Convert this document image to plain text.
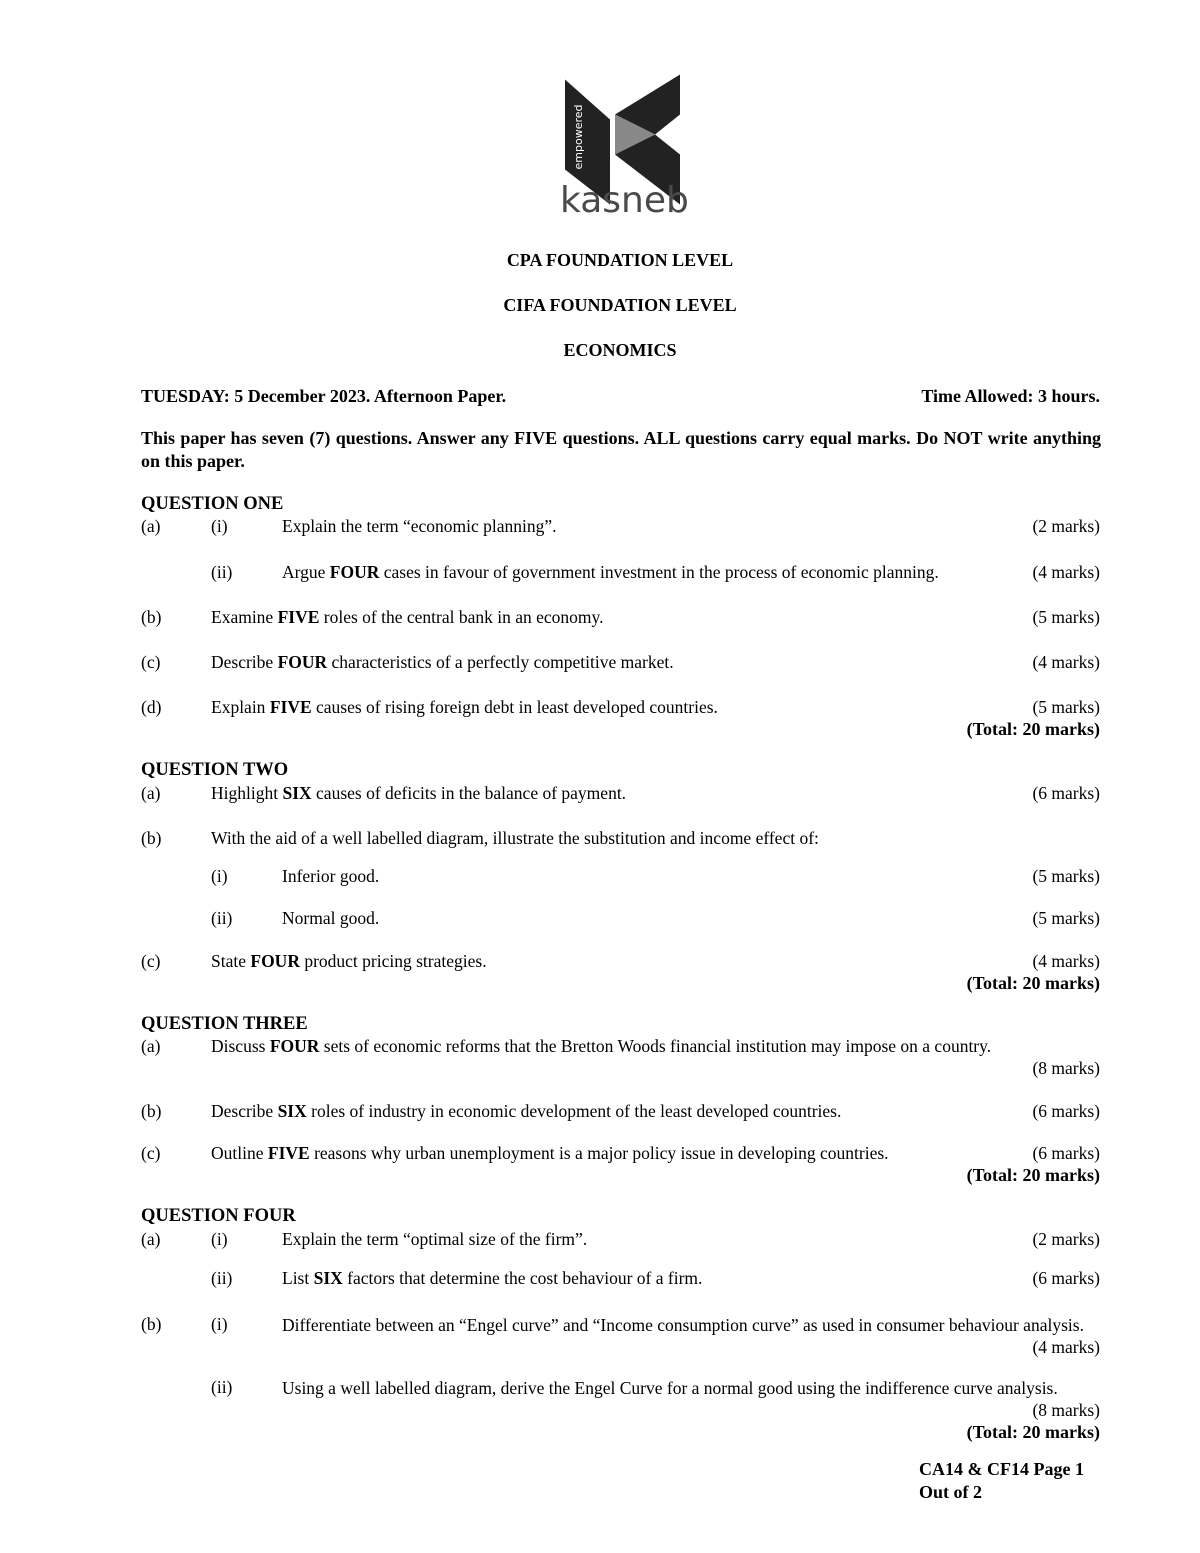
empowered
kasneb
CPA FOUNDATION LEVEL
CIFA FOUNDATION LEVEL
ECONOMICS
TUESDAY: 5 December 2023. Afternoon Paper.	Time Allowed: 3 hours.
This paper has seven (7) questions. Answer any FIVE questions. ALL questions carry equal marks. Do NOT write anything on this paper.
QUESTION ONE
(a)	(i)	Explain the term “economic planning”.	(2 marks)
(ii)	Argue FOUR cases in favour of government investment in the process of economic planning.	(4 marks)
(b)	Examine FIVE roles of the central bank in an economy.	(5 marks)
(c)	Describe FOUR characteristics of a perfectly competitive market.	(4 marks)
(d)	Explain FIVE causes of rising foreign debt in least developed countries.	(5 marks)
(Total: 20 marks)
QUESTION TWO
(a)	Highlight SIX causes of deficits in the balance of payment.	(6 marks)
(b)	With the aid of a well labelled diagram, illustrate the substitution and income effect of:
(i)	Inferior good.	(5 marks)
(ii)	Normal good.	(5 marks)
(c)	State FOUR product pricing strategies.	(4 marks)
(Total: 20 marks)
QUESTION THREE
(a)	Discuss FOUR sets of economic reforms that the Bretton Woods financial institution may impose on a country.
(8 marks)
(b)	Describe SIX roles of industry in economic development of the least developed countries.	(6 marks)
(c)	Outline FIVE reasons why urban unemployment is a major policy issue in developing countries.	(6 marks)
(Total: 20 marks)
QUESTION FOUR
(a)	(i)	Explain the term “optimal size of the firm”.	(2 marks)
(ii)	List SIX factors that determine the cost behaviour of a firm.	(6 marks)
(b)	(i)	Differentiate between an “Engel curve” and “Income consumption curve” as used in consumer behaviour analysis.
(4 marks)
(ii)	Using a well labelled diagram, derive the Engel Curve for a normal good using the indifference curve analysis.
(8 marks)
(Total: 20 marks)
CA14 & CF14 Page 1
Out of 2
